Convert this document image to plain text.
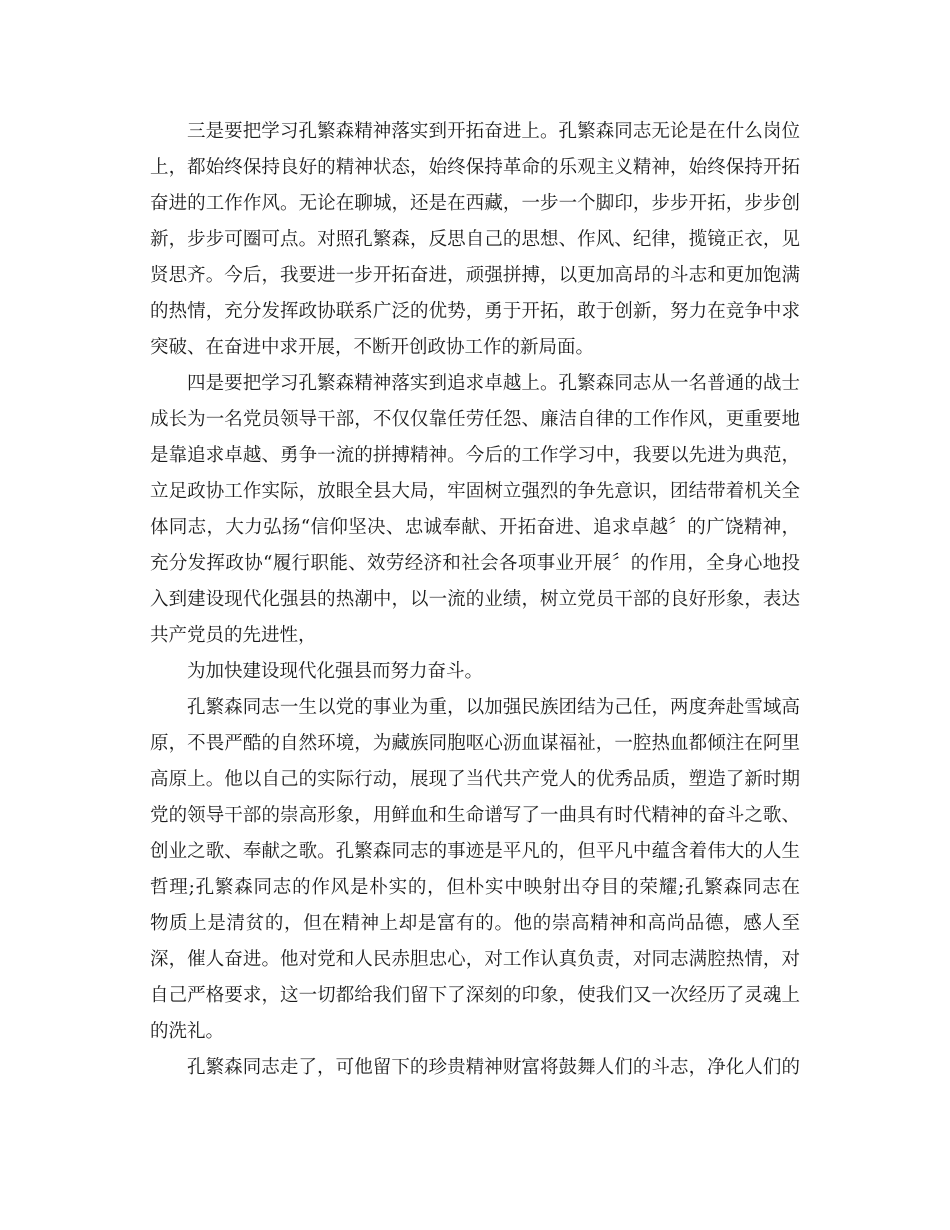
三是要把学习孔繁森精神落实到开拓奋进上。孔繁森同志无论是在什么岗位
上，都始终保持良好的精神状态，始终保持革命的乐观主义精神，始终保持开拓
奋进的工作作风。无论在聊城，还是在西藏，一步一个脚印，步步开拓，步步创
新，步步可圈可点。对照孔繁森，反思自己的思想、作风、纪律，揽镜正衣，见
贤思齐。今后，我要进一步开拓奋进，顽强拼搏，以更加高昂的斗志和更加饱满
的热情，充分发挥政协联系广泛的优势，勇于开拓，敢于创新，努力在竞争中求
突破、在奋进中求开展，不断开创政协工作的新局面。
四是要把学习孔繁森精神落实到追求卓越上。孔繁森同志从一名普通的战士
成长为一名党员领导干部，不仅仅靠任劳任怨、廉洁自律的工作作风，更重要地
是靠追求卓越、勇争一流的拼搏精神。今后的工作学习中，我要以先进为典范，
立足政协工作实际，放眼全县大局，牢固树立强烈的争先意识，团结带着机关全
体同志，大力弘扬“信仰坚决、忠诚奉献、开拓奋进、追求卓越〞的广饶精神，
充分发挥政协“履行职能、效劳经济和社会各项事业开展〞的作用，全身心地投
入到建设现代化强县的热潮中，以一流的业绩，树立党员干部的良好形象，表达
共产党员的先进性，
为加快建设现代化强县而努力奋斗。
孔繁森同志一生以党的事业为重，以加强民族团结为己任，两度奔赴雪域高
原，不畏严酷的自然环境，为藏族同胞呕心沥血谋福祉，一腔热血都倾注在阿里
高原上。他以自己的实际行动，展现了当代共产党人的优秀品质，塑造了新时期
党的领导干部的崇高形象，用鲜血和生命谱写了一曲具有时代精神的奋斗之歌、
创业之歌、奉献之歌。孔繁森同志的事迹是平凡的，但平凡中蕴含着伟大的人生
哲理;孔繁森同志的作风是朴实的，但朴实中映射出夺目的荣耀;孔繁森同志在
物质上是清贫的，但在精神上却是富有的。他的崇高精神和高尚品德，感人至
深，催人奋进。他对党和人民赤胆忠心，对工作认真负责，对同志满腔热情，对
自己严格要求，这一切都给我们留下了深刻的印象，使我们又一次经历了灵魂上
的洗礼。
孔繁森同志走了，可他留下的珍贵精神财富将鼓舞人们的斗志，净化人们的
